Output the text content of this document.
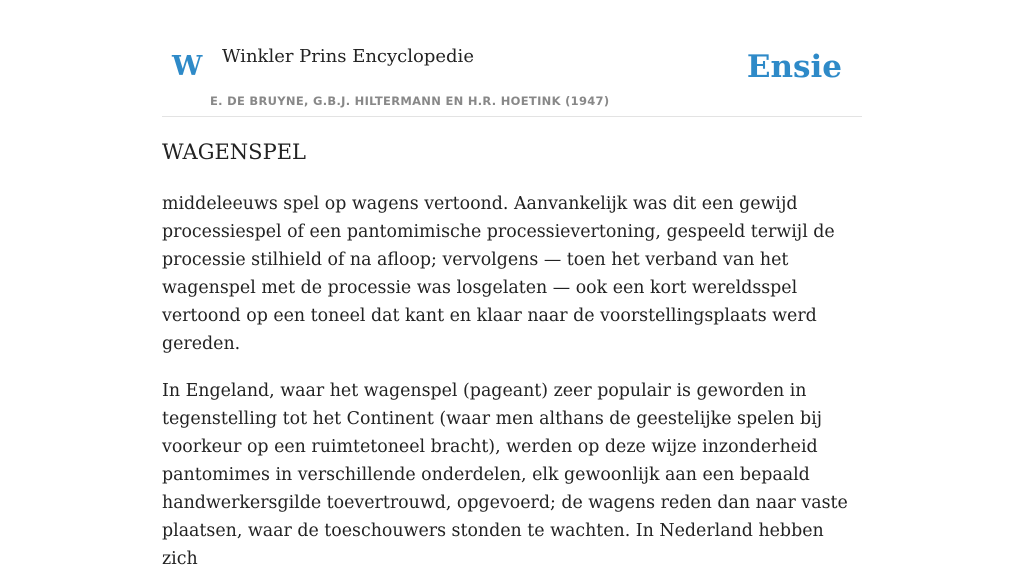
W Winkler Prins Encyclopedie
E. DE BRUYNE, G.B.J. HILTERMANN EN H.R. HOETINK (1947)
Ensie
WAGENSPEL

middeleeuws spel op wagens vertoond. Aanvankelijk was dit een gewijd processiespel of een pantomimische processievertoning, gespeeld terwijl de processie stilhield of na afloop; vervolgens — toen het verband van het wagenspel met de processie was losgelaten — ook een kort wereldsspel vertoond op een toneel dat kant en klaar naar de voorstellingsplaats werd gereden.

In Engeland, waar het wagenspel (pageant) zeer populair is geworden in tegenstelling tot het Continent (waar men althans de geestelijke spelen bij voorkeur op een ruimtetoneel bracht), werden op deze wijze inzonderheid pantomimes in verschillende onderdelen, elk gewoonlijk aan een bepaald handwerkersgilde toevertrouwd, opgevoerd; de wagens reden dan naar vaste plaatsen, waar de toeschouwers stonden te wachten. In Nederland hebben zich
